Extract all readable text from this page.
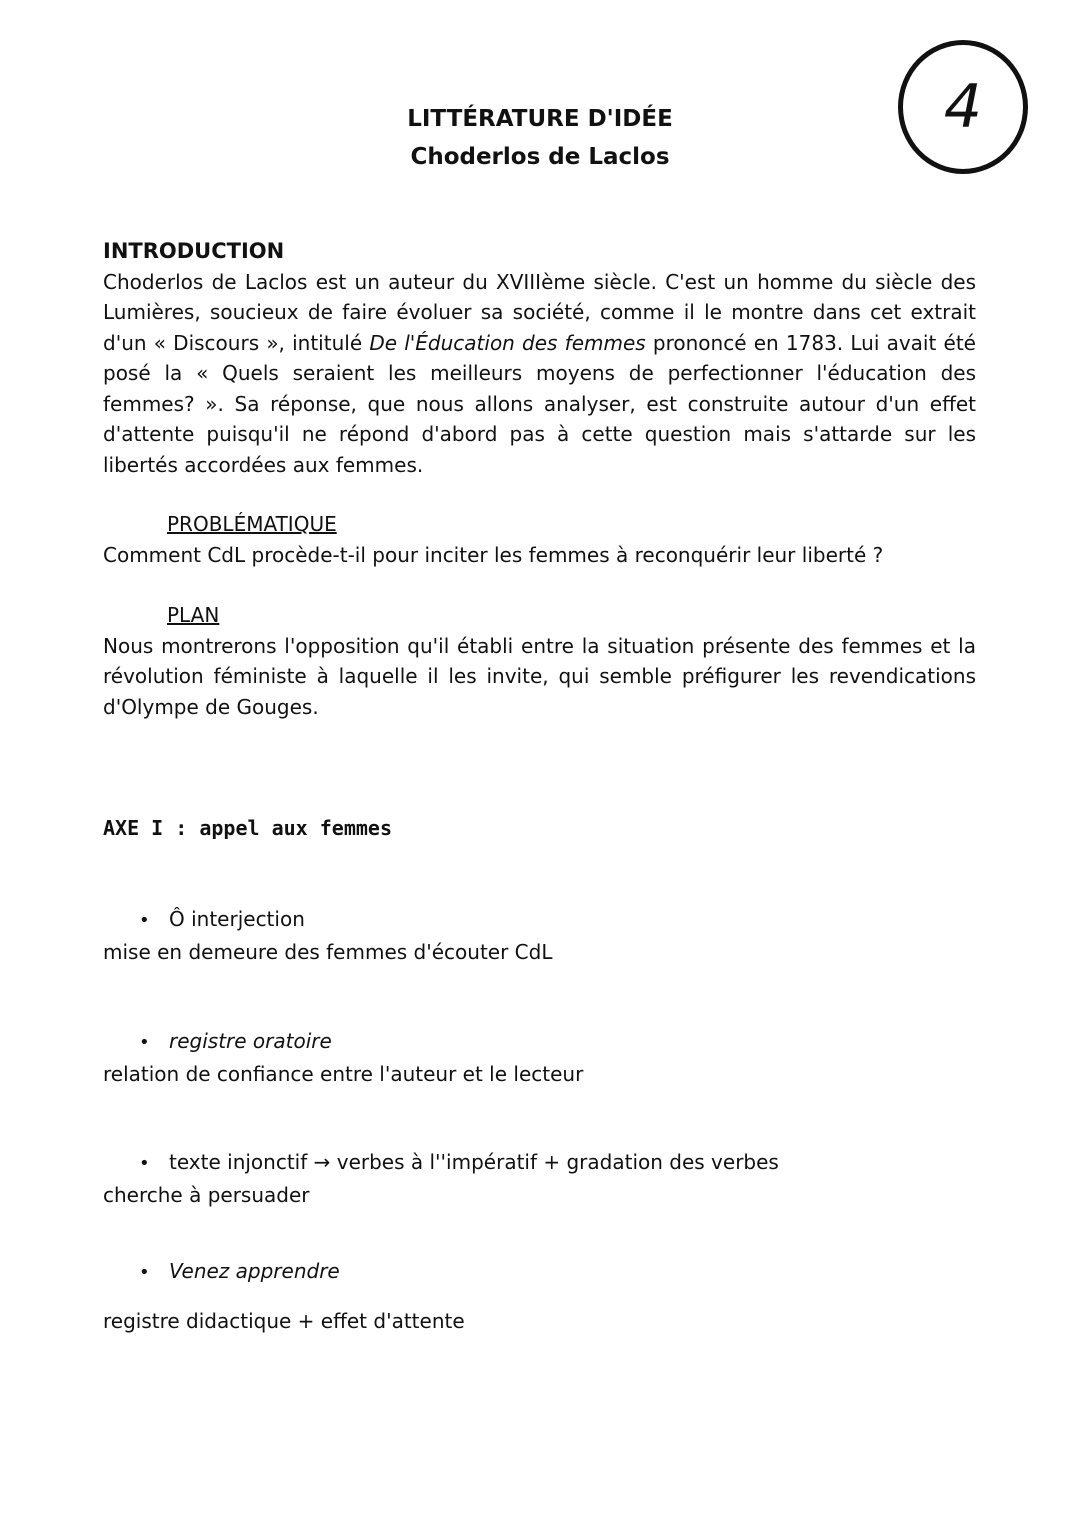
4
LITTÉRATURE D'IDÉE
Choderlos de Laclos
INTRODUCTION
Choderlos de Laclos est un auteur du XVIIIème siècle. C'est un homme du siècle des Lumières, soucieux de faire évoluer sa société, comme il le montre dans cet extrait d'un « Discours », intitulé De l'Éducation des femmes prononcé en 1783. Lui avait été posé la « Quels seraient les meilleurs moyens de perfectionner l'éducation des femmes? ». Sa réponse, que nous allons analyser, est construite autour d'un effet d'attente puisqu'il ne répond d'abord pas à cette question mais s'attarde sur les libertés accordées aux femmes.
PROBLÉMATIQUE
Comment CdL procède-t-il pour inciter les femmes à reconquérir leur liberté ?
PLAN
Nous montrerons l'opposition qu'il établi entre la situation présente des femmes et la révolution féministe à laquelle il les invite, qui semble préfigurer les revendications d'Olympe de Gouges.
AXE I : appel aux femmes
• Ô interjection
mise en demeure des femmes d'écouter CdL
• registre oratoire
relation de confiance entre l'auteur et le lecteur
• texte injonctif → verbes à l''impératif + gradation des verbes
cherche à persuader
• Venez apprendre
registre didactique + effet d'attente
